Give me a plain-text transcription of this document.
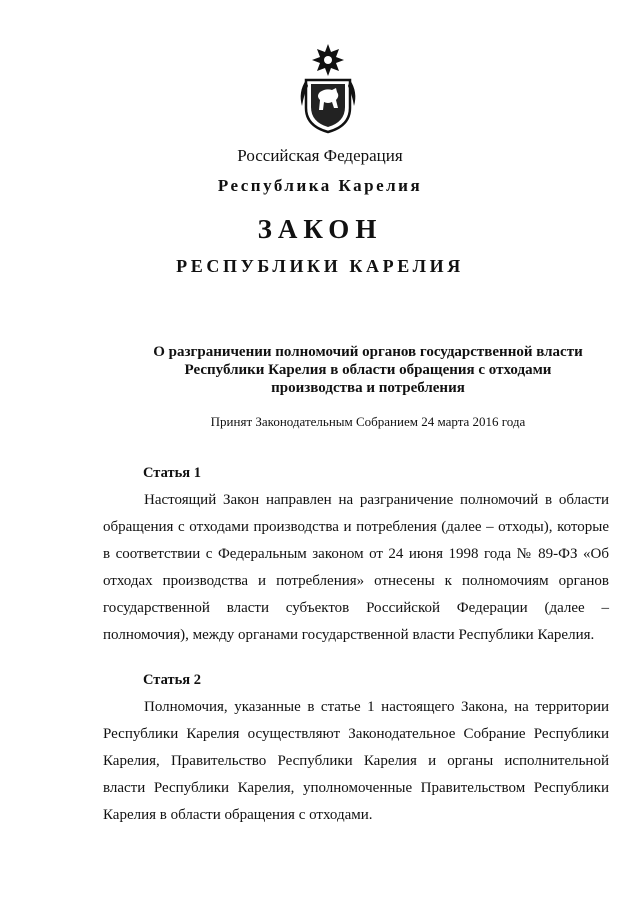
Российская Федерация
Республика Карелия
ЗАКОН
РЕСПУБЛИКИ КАРЕЛИЯ
О разграничении полномочий органов государственной власти Республики Карелия в области обращения с отходами производства и потребления
Принят Законодательным Собранием 24 марта 2016 года
Статья 1
Настоящий Закон направлен на разграничение полномочий в области обращения с отходами производства и потребления (далее – отходы), которые в соответствии с Федеральным законом от 24 июня 1998 года № 89-ФЗ «Об отходах производства и потребления» отнесены к полномочиям органов государственной власти субъектов Российской Федерации (далее – полномочия), между органами государственной власти Республики Карелия.
Статья 2
Полномочия, указанные в статье 1 настоящего Закона, на территории Республики Карелия осуществляют Законодательное Собрание Республики Карелия, Правительство Республики Карелия и органы исполнительной власти Республики Карелия, уполномоченные Правительством Республики Карелия в области обращения с отходами.
